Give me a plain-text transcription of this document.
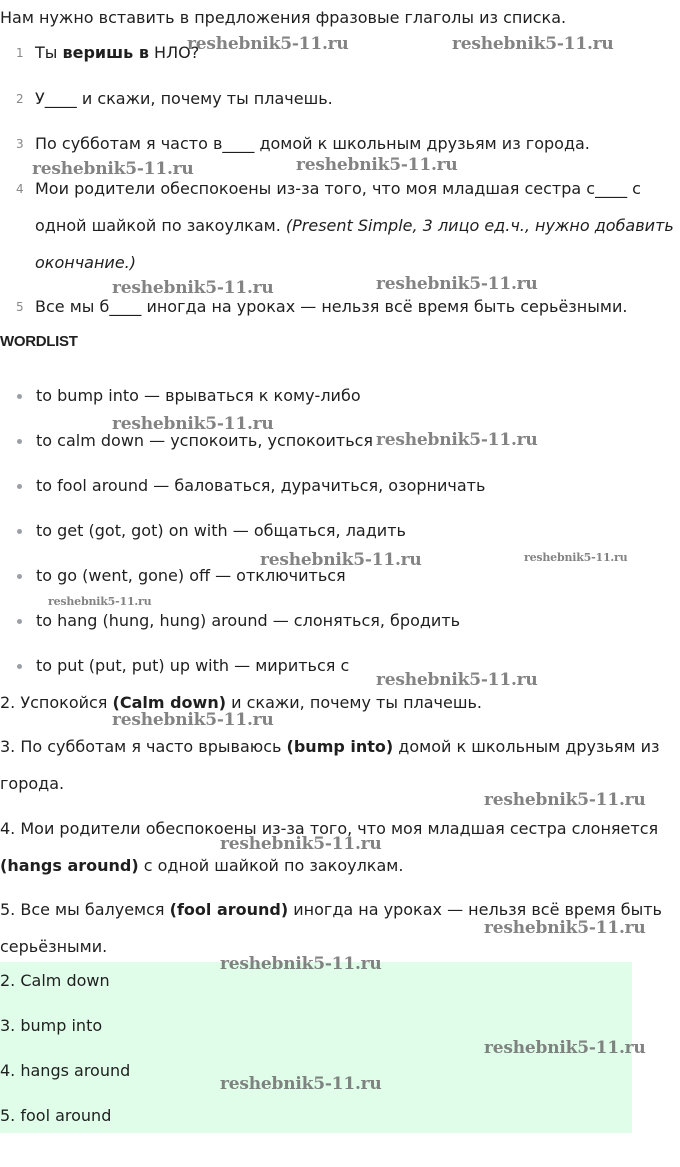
Нам нужно вставить в предложения фразовые глаголы из списка.
1 Ты веришь в НЛО?
2 У____ и скажи, почему ты плачешь.
3 По субботам я часто в____ домой к школьным друзьям из города.
4 Мои родители обеспокоены из-за того, что моя младшая сестра с____ с одной шайкой по закоулкам. (Present Simple, 3 лицо ед.ч., нужно добавить окончание.)
5 Все мы б____ иногда на уроках — нельзя всё время быть серьёзными.
WORDLIST
to bump into — врываться к кому-либо
to calm down — успокоить, успокоиться
to fool around — баловаться, дурачиться, озорничать
to get (got, got) on with — общаться, ладить
to go (went, gone) off — отключиться
to hang (hung, hung) around — слоняться, бродить
to put (put, put) up with — мириться с
2. Успокойся (Calm down) и скажи, почему ты плачешь.
3. По субботам я часто врываюсь (bump into) домой к школьным друзьям из города.
4. Мои родители обеспокоены из-за того, что моя младшая сестра слоняется (hangs around) с одной шайкой по закоулкам.
5. Все мы балуемся (fool around) иногда на уроках — нельзя всё время быть серьёзными.
2. Calm down
3. bump into
4. hangs around
5. fool around
reshebnik5-11.ru	reshebnik5-11.ru
reshebnik5-11.ru	reshebnik5-11.ru
reshebnik5-11.ru	reshebnik5-11.ru
reshebnik5-11.ru
reshebnik5-11.ru
reshebnik5-11.ru	reshebnik5-11.ru
reshebnik5-11.ru
reshebnik5-11.ru
reshebnik5-11.ru
reshebnik5-11.ru
reshebnik5-11.ru
reshebnik5-11.ru
reshebnik5-11.ru
reshebnik5-11.ru
reshebnik5-11.ru
